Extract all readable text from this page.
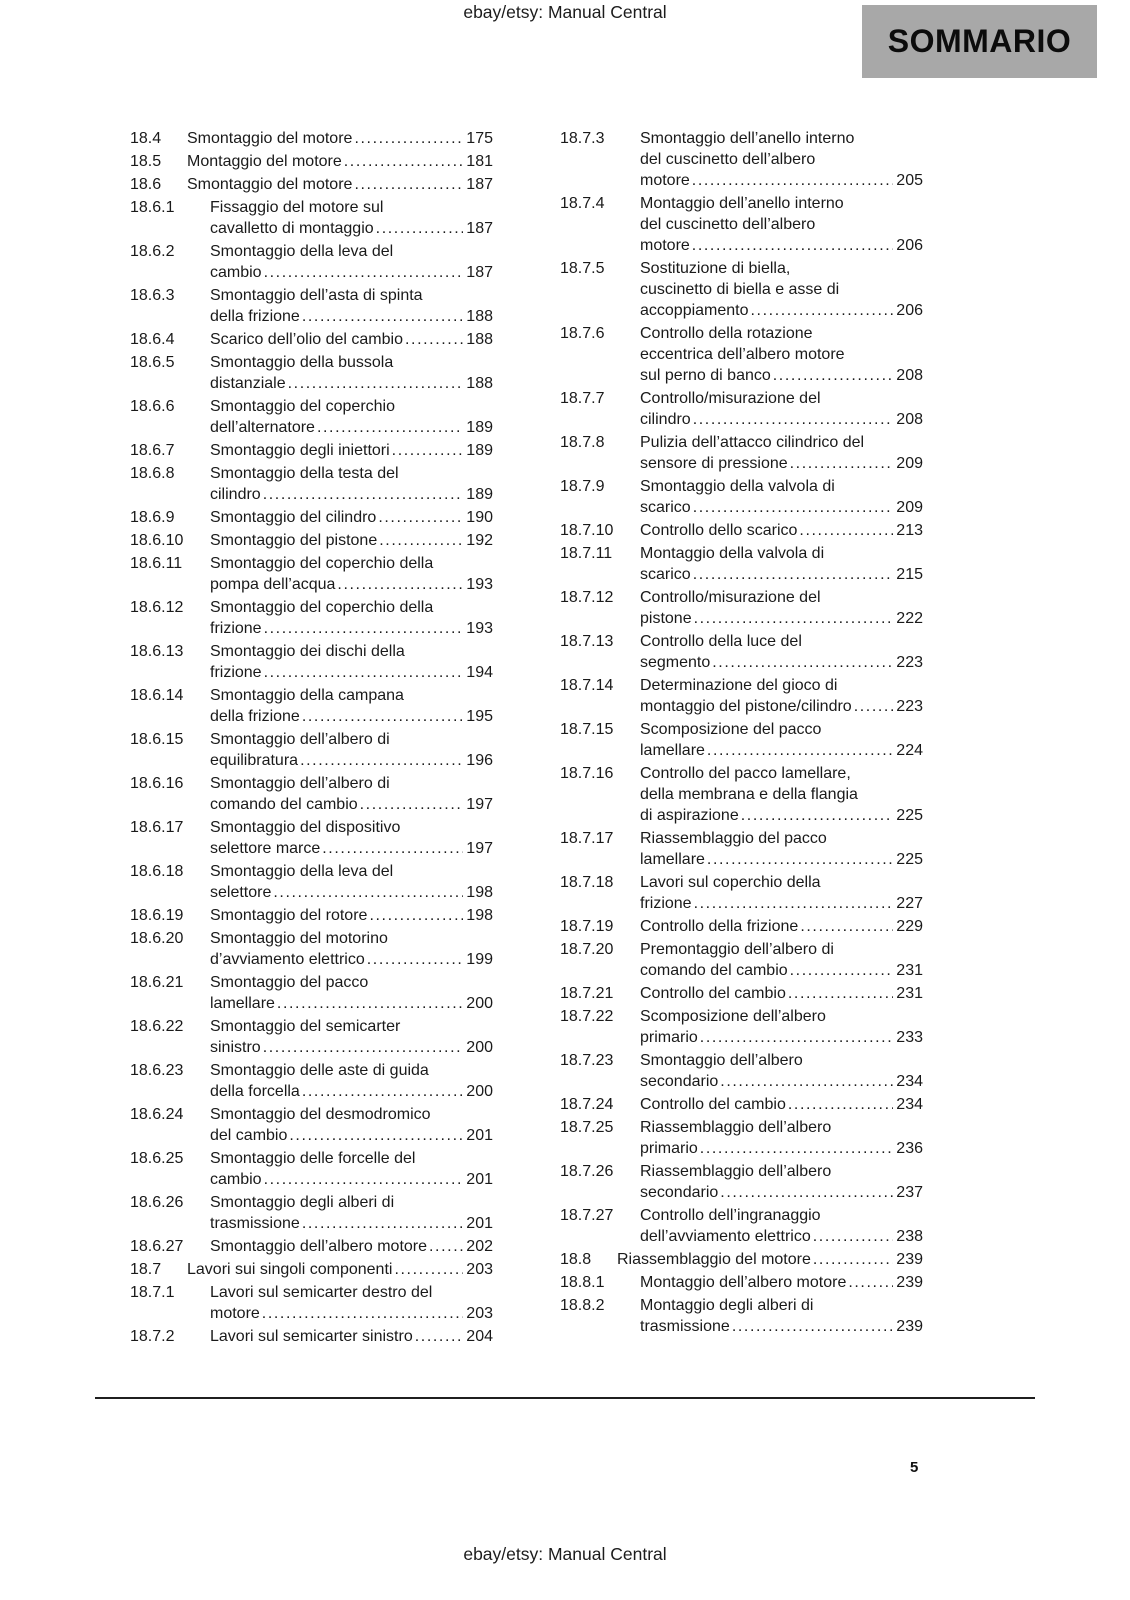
ebay/etsy: Manual Central
SOMMARIO
18.4	Smontaggio del motore .....	175
18.5	Montaggio del motore .....	181
18.6	Smontaggio del motore .....	187
18.6.1	Fissaggio del motore sul
cavalletto di montaggio .....	187
18.6.2	Smontaggio della leva del
cambio .....	187
18.6.3	Smontaggio dell’asta di spinta
della frizione .....	188
18.6.4	Scarico dell’olio del cambio .....	188
18.6.5	Smontaggio della bussola
distanziale .....	188
18.6.6	Smontaggio del coperchio
dell’alternatore .....	189
18.6.7	Smontaggio degli iniettori .....	189
18.6.8	Smontaggio della testa del
cilindro .....	189
18.6.9	Smontaggio del cilindro .....	190
18.6.10	Smontaggio del pistone .....	192
18.6.11	Smontaggio del coperchio della
pompa dell’acqua .....	193
18.6.12	Smontaggio del coperchio della
frizione .....	193
18.6.13	Smontaggio dei dischi della
frizione .....	194
18.6.14	Smontaggio della campana
della frizione .....	195
18.6.15	Smontaggio dell’albero di
equilibratura .....	196
18.6.16	Smontaggio dell’albero di
comando del cambio .....	197
18.6.17	Smontaggio del dispositivo
selettore marce .....	197
18.6.18	Smontaggio della leva del
selettore .....	198
18.6.19	Smontaggio del rotore .....	198
18.6.20	Smontaggio del motorino
d’avviamento elettrico .....	199
18.6.21	Smontaggio del pacco
lamellare .....	200
18.6.22	Smontaggio del semicarter
sinistro .....	200
18.6.23	Smontaggio delle aste di guida
della forcella .....	200
18.6.24	Smontaggio del desmodromico
del cambio .....	201
18.6.25	Smontaggio delle forcelle del
cambio .....	201
18.6.26	Smontaggio degli alberi di
trasmissione .....	201
18.6.27	Smontaggio dell’albero motore ..... 202
18.7	Lavori sui singoli componenti .....	203
18.7.1	Lavori sul semicarter destro del
motore .....	203
18.7.2	Lavori sul semicarter sinistro .....	204
18.7.3	Smontaggio dell’anello interno
del cuscinetto dell’albero
motore .....	205
18.7.4	Montaggio dell’anello interno
del cuscinetto dell’albero
motore .....	206
18.7.5	Sostituzione di biella,
cuscinetto di biella e asse di
accoppiamento .....	206
18.7.6	Controllo della rotazione
eccentrica dell’albero motore
sul perno di banco .....	208
18.7.7	Controllo/misurazione del
cilindro .....	208
18.7.8	Pulizia dell’attacco cilindrico del
sensore di pressione .....	209
18.7.9	Smontaggio della valvola di
scarico .....	209
18.7.10	Controllo dello scarico .....	213
18.7.11	Montaggio della valvola di
scarico .....	215
18.7.12	Controllo/misurazione del
pistone .....	222
18.7.13	Controllo della luce del
segmento .....	223
18.7.14	Determinazione del gioco di
montaggio del pistone/cilindro .....	223
18.7.15	Scomposizione del pacco
lamellare .....	224
18.7.16	Controllo del pacco lamellare,
della membrana e della flangia
di aspirazione .....	225
18.7.17	Riassemblaggio del pacco
lamellare .....	225
18.7.18	Lavori sul coperchio della
frizione .....	227
18.7.19	Controllo della frizione .....	229
18.7.20	Premontaggio dell’albero di
comando del cambio .....	231
18.7.21	Controllo del cambio .....	231
18.7.22	Scomposizione dell’albero
primario .....	233
18.7.23	Smontaggio dell’albero
secondario .....	234
18.7.24	Controllo del cambio .....	234
18.7.25	Riassemblaggio dell’albero
primario .....	236
18.7.26	Riassemblaggio dell’albero
secondario .....	237
18.7.27	Controllo dell’ingranaggio
dell’avviamento elettrico .....	238
18.8	Riassemblaggio del motore .....	239
18.8.1	Montaggio dell’albero motore .....	239
18.8.2	Montaggio degli alberi di
trasmissione .....	239
5
ebay/etsy: Manual Central
